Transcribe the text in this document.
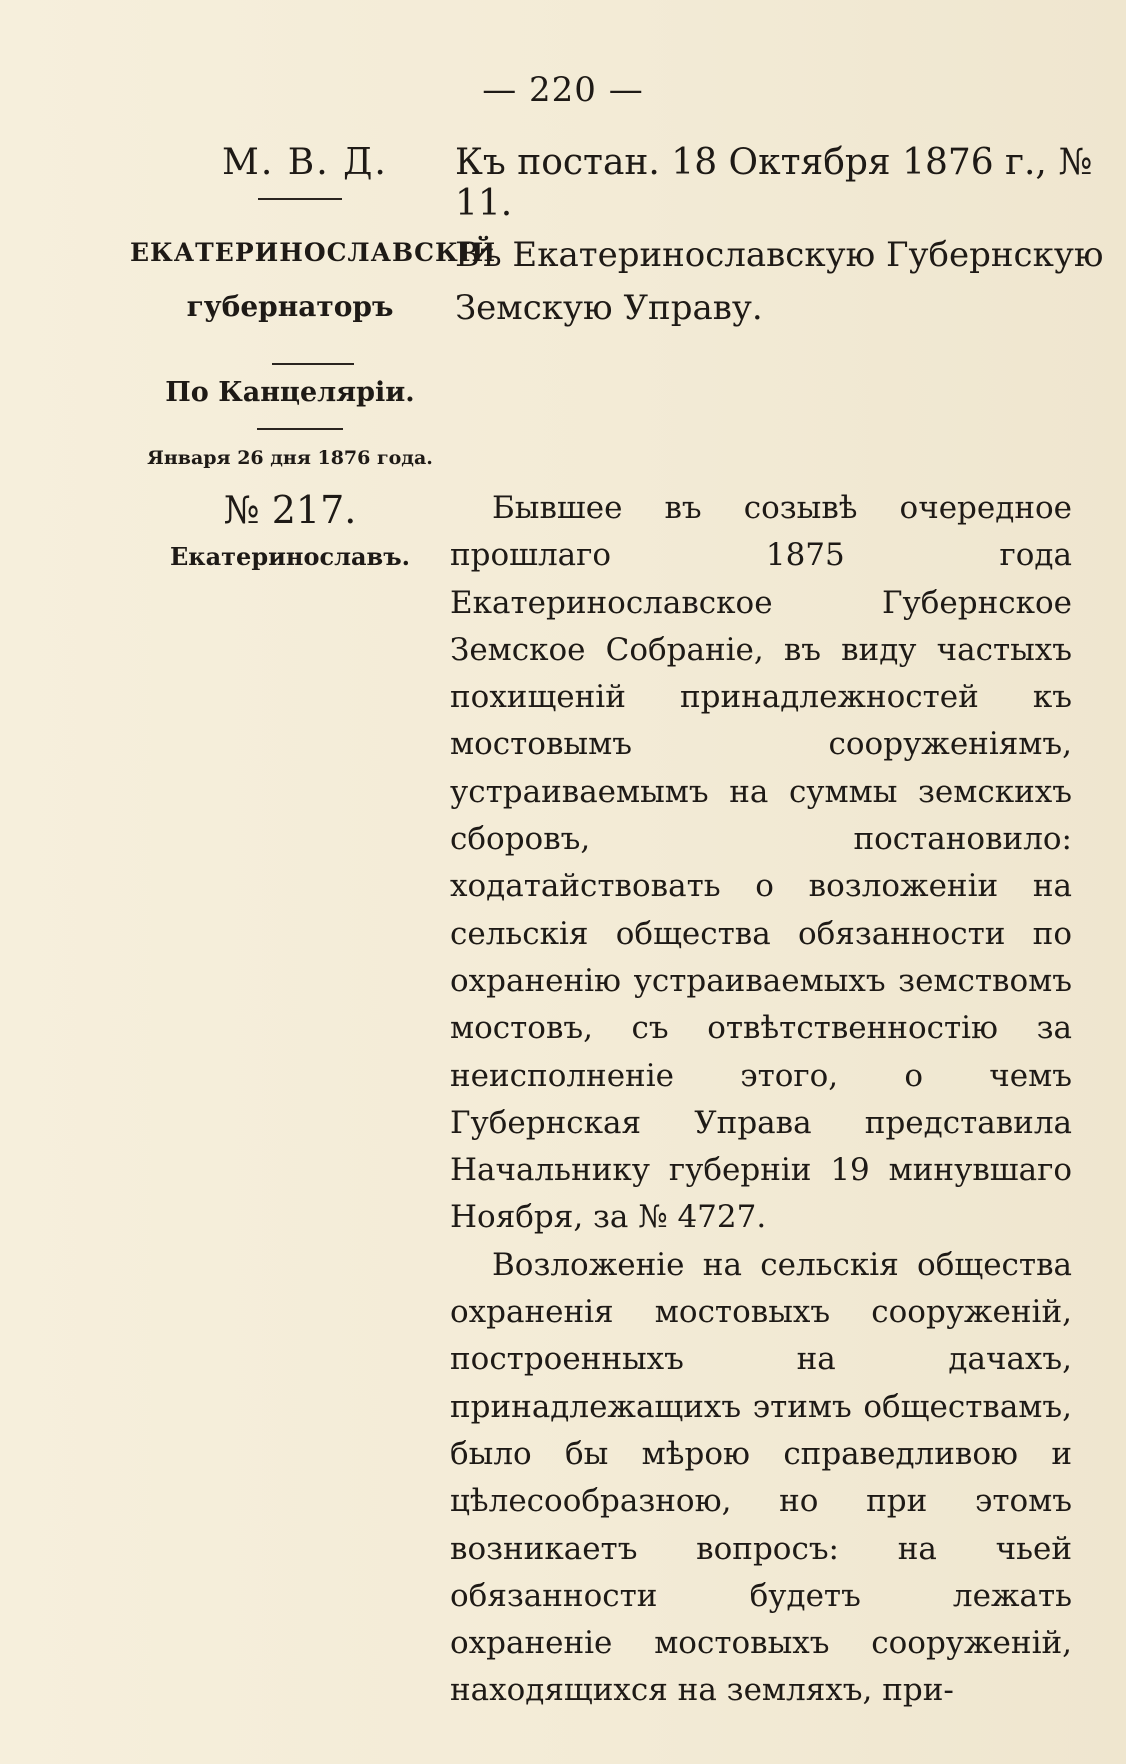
— 220 —
М. В. Д. Къ постан. 18 Октября 1876 г., № 11.
ЕКАТЕРИНОСЛАВСКІЙ
губернаторъ
По Канцеляріи.
Января 26 дня 1876 года.
№ 217.
Екатеринославъ.
Въ Екатеринославскую Губернскую
Земскую Управу.

Бывшее въ созывѣ очередное прошлаго 1875 года Екатеринославское Губернское Земское Собраніе, въ виду частыхъ похищеній принадлежностей къ мостовымъ сооруженіямъ, устраиваемымъ на суммы земскихъ сборовъ, постановило: ходатайствовать о возложеніи на сельскія общества обязанности по охраненію устраиваемыхъ земствомъ мостовъ, съ отвѣтственностію за неисполненіе этого, о чемъ Губернская Управа представила Начальнику губерніи 19 минувшаго Ноября, за № 4727.

Возложеніе на сельскія общества охраненія мостовыхъ сооруженій, построенныхъ на дачахъ, принадлежащихъ этимъ обществамъ, было бы мѣрою справедливою и цѣлесообразною, но при этомъ возникаетъ вопросъ: на чьей обязанности будетъ лежать охраненіе мостовыхъ сооруженій, находящихся на земляхъ, при-
